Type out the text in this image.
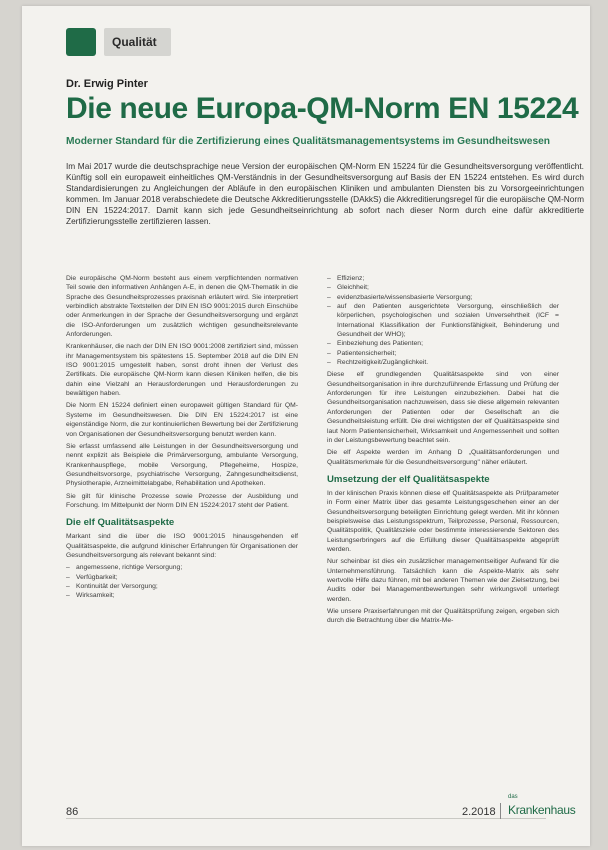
Qualität
Dr. Erwig Pinter
Die neue Europa-QM-Norm EN 15224
Moderner Standard für die Zertifizierung eines Qualitätsmanagementsystems im Gesundheitswesen
Im Mai 2017 wurde die deutschsprachige neue Version der europäischen QM-Norm EN 15224 für die Gesundheitsversorgung veröffentlicht. Künftig soll ein europaweit einheitliches QM-Verständnis in der Gesundheitsversorgung auf Basis der EN 15224 entstehen. Es wird durch Standardisierungen zu Angleichungen der Abläufe in den europäischen Kliniken und ambulanten Diensten bis zu Vorsorgeeinrichtungen kommen. Im Januar 2018 verabschiedete die Deutsche Akkreditierungsstelle (DAkkS) die Akkreditierungsregel für die europäische QM-Norm DIN EN 15224:2017. Damit kann sich jede Gesundheitseinrichtung ab sofort nach dieser Norm durch eine dafür akkreditierte Zertifizierungsstelle zertifizieren lassen.

Die europäische QM-Norm besteht aus einem verpflichtenden normativen Teil sowie den informativen Anhängen A-E, in denen die QM-Thematik in die Sprache des Gesundheitsprozesses praxisnah erläutert wird. Sie interpretiert verbindlich abstrakte Textstellen der DIN EN ISO 9001:2015 durch Einschübe oder Anmerkungen in der Sprache der Gesundheitsversorgung und ergänzt die ISO-Anforderungen um zusätzlich wichtigen gesundheitsrelevante Anforderungen.

Krankenhäuser, die nach der DIN EN ISO 9001:2008 zertifiziert sind, müssen ihr Managementsystem bis spätestens 15. September 2018 auf die DIN EN ISO 9001:2015 umgestellt haben, sonst droht ihnen der Verlust des Zertifikats. Die europäische QM-Norm kann diesen Kliniken helfen, die bis dahin eine Vielzahl an Herausforderungen und Herausforderungen zu bewältigen haben.

Die Norm EN 15224 definiert einen europaweit gültigen Standard für QM-Systeme im Gesundheitswesen. Die DIN EN 15224:2017 ist eine eigenständige Norm, die zur kontinuierlichen Bewertung bei der Zertifizierung von Organisationen der Gesundheitsversorgung benutzt werden kann.

Sie erfasst umfassend alle Leistungen in der Gesundheitsversorgung und nennt explizit als Beispiele die Primärversorgung, ambulante Versorgung, Krankenhauspflege, mobile Versorgung, Pflegeheime, Hospize, Gesundheitsvorsorge, psychiatrische Versorgung, Zahngesundheitsdienst, Physiotherapie, Arzneimittelabgabe, Rehabilitation und Apotheken.

Sie gilt für klinische Prozesse sowie Prozesse der Ausbildung und Forschung. Im Mittelpunkt der Norm DIN EN 15224:2017 steht der Patient.

Die elf Qualitätsaspekte

Markant sind die über die ISO 9001:2015 hinausgehenden elf Qualitätsaspekte, die aufgrund klinischer Erfahrungen für Organisationen der Gesundheitsversorgung als relevant bekannt sind:

– angemessene, richtige Versorgung;
– Verfügbarkeit;
– Kontinuität der Versorgung;
– Wirksamkeit;
– Effizienz;
– Gleichheit;
– evidenzbasierte/wissensbasierte Versorgung;
– auf den Patienten ausgerichtete Versorgung, einschließlich der körperlichen, psychologischen und sozialen Unversehrtheit (ICF = International Klassifikation der Funktionsfähigkeit, Behinderung und Gesundheit der WHO);
– Einbeziehung des Patienten;
– Patientensicherheit;
– Rechtzeitigkeit/Zugänglichkeit.

Diese elf grundlegenden Qualitätsaspekte sind von einer Gesundheitsorganisation in ihre durchzuführende Erfassung und Prüfung der Anforderungen für ihre Leistungen einzubeziehen. Dabei hat die Gesundheitsorganisation nachzuweisen, dass sie diese allgemein relevanten Anforderungen der Patienten oder der Gesellschaft an die Gesundheitsleistung erfüllt. Die drei wichtigsten der elf Qualitätsaspekte sind laut Norm Patientensicherheit, Wirksamkeit und Angemessenheit und sollten in der Leistungsbewertung beachtet sein.

Die elf Aspekte werden im Anhang D „Qualitätsanforderungen und Qualitätsmerkmale für die Gesundheitsversorgung" näher erläutert.

Umsetzung der elf Qualitätsaspekte

In der klinischen Praxis können diese elf Qualitätsaspekte als Prüfparameter in Form einer Matrix über das gesamte Leistungsgeschehen einer an der Gesundheitsversorgung beteiligten Einrichtung gelegt werden. Mit ihr können beispielsweise das Leistungsspektrum, Teilprozesse, Personal, Ressourcen, Qualitätspolitik, Qualitätsziele oder bestimmte interessierende Sektoren des Leistungserbringers auf die Erfüllung dieser Qualitätsaspekte abgeprüft werden.

Nur scheinbar ist dies ein zusätzlicher managementseitiger Aufwand für die Unternehmensführung. Tatsächlich kann die Aspekte-Matrix als sehr wertvolle Hilfe dazu führen, mit bei anderen Themen wie der Zielsetzung, bei Audits oder bei Managementbewertungen sehr wirkungsvoll unterlegt werden.

Wie unsere Praxiserfahrungen mit der Qualitätsprüfung zeigen, ergeben sich durch die Betrachtung über die Matrix-Me-

86	2.2018
das
Krankenhaus
